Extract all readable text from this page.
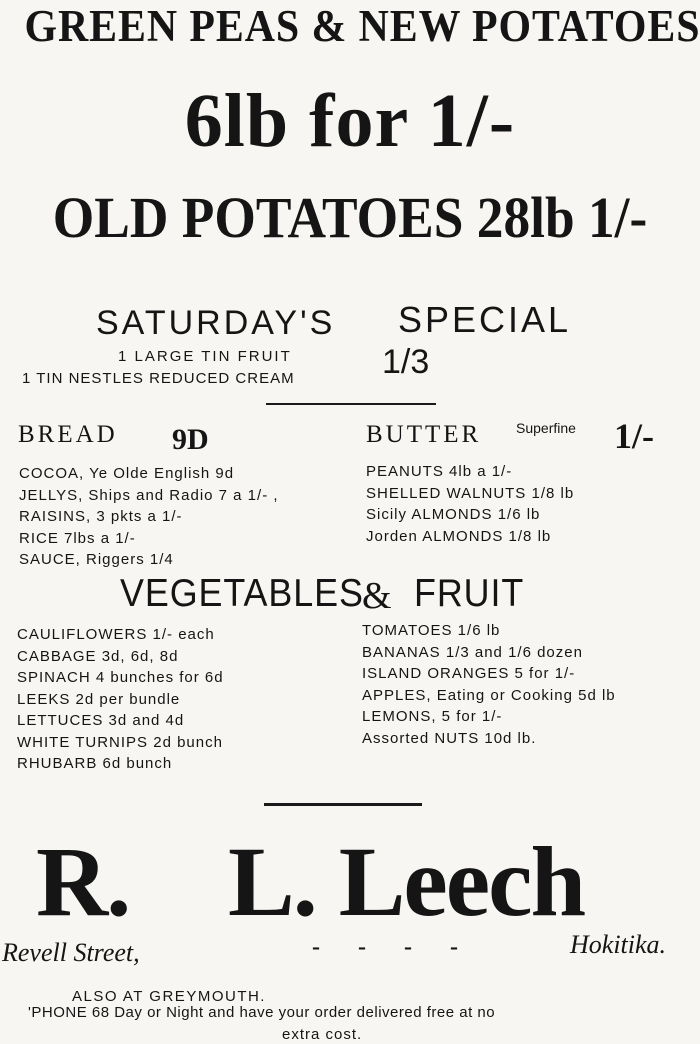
GREEN PEAS & NEW POTATOES
6lb for 1/-
OLD POTATOES 28lb 1/-
SATURDAY'S SPECIAL
1 LARGE TIN FRUIT
1 TIN NESTLES REDUCED CREAM	1/3
BREAD 9D	BUTTER Superfine 1/-
COCOA, Ye Olde English 9d
JELLYS, Ships and Radio 7 a 1/- ,
RAISINS, 3 pkts a 1/-
RICE 7lbs a 1/-
SAUCE, Riggers 1/4
PEANUTS 4lb a 1/-
SHELLED WALNUTS 1/8 lb
Sicily ALMONDS 1/6 lb
Jorden ALMONDS 1/8 lb
VEGETABLES
& FRUIT
CAULIFLOWERS 1/- each
CABBAGE 3d, 6d, 8d
SPINACH 4 bunches for 6d
LEEKS 2d per bundle
LETTUCES 3d and 4d
WHITE TURNIPS 2d bunch
RHUBARB 6d bunch
TOMATOES 1/6 lb
BANANAS 1/3 and 1/6 dozen
ISLAND ORANGES 5 for 1/-
APPLES, Eating or Cooking 5d lb
LEMONS, 5 for 1/-
Assorted NUTS 10d lb.
R. L. Leech
Revell Street,	- - - -	Hokitika.
ALSO AT GREYMOUTH.
'PHONE 68 Day or Night and have your order delivered free at no
extra cost.
